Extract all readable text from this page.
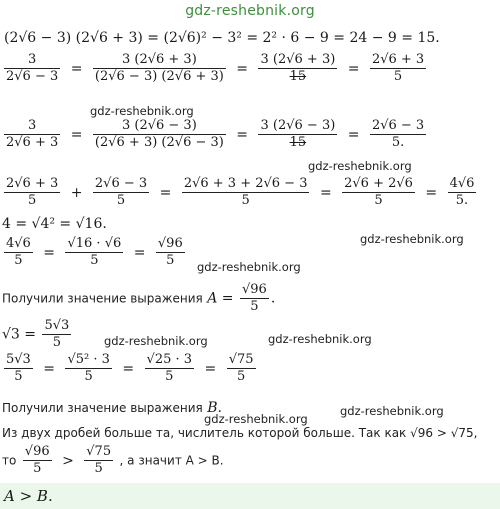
gdz-reshebnik.org
(2√6 − 3) (2√6 + 3) = (2√6)² − 3² = 2² · 6 − 9 = 24 − 9 = 15.
$\frac{3}{2√6 - 3} = \frac{3 (2√6 + 3)}{(2√6 - 3) (2√6 + 3)} = \frac{3 (2√6 + 3)}{15} = \frac{2√6 + 3}{5}$
gdz-reshebnik.org
$\frac{3}{2√6 + 3} = \frac{3 (2√6 - 3)}{(2√6 + 3) (2√6 - 3)} = \frac{3 (2√6 - 3)}{15} = \frac{2√6 - 3}{5.}$
gdz-reshebnik.org
$\frac{2√6 + 3}{5} + \frac{2√6 - 3}{5} = \frac{2√6 + 3 + 2√6 - 3}{5} = \frac{2√6 + 2√6}{5} = \frac{4√6}{5.}$
4 = √4² = √16.
gdz-reshebnik.org
$\frac{4√6}{5} = \frac{√16 \cdot √6}{5} = \frac{√96}{5}$ gdz-reshebnik.org
Получили значение выражения $A = \frac{√96}{5}$ .
$√3 = \frac{5√3}{5}$	gdz-reshebnik.org	gdz-reshebnik.org
$\frac{5√3}{5} = \frac{\text{√5² · 3}}{5} = \frac{√25 \cdot 3}{5} = \frac{√75}{5}$
Получили значение выражения B.	gdz-reshebnik.org
gdz-reshebnik.org
Из двух дробей больше та, числитель которой больше. Так как √96 > √75,
то $\frac{√96}{5} > \frac{√75}{5}$ , а значит A > B.
A > B.
